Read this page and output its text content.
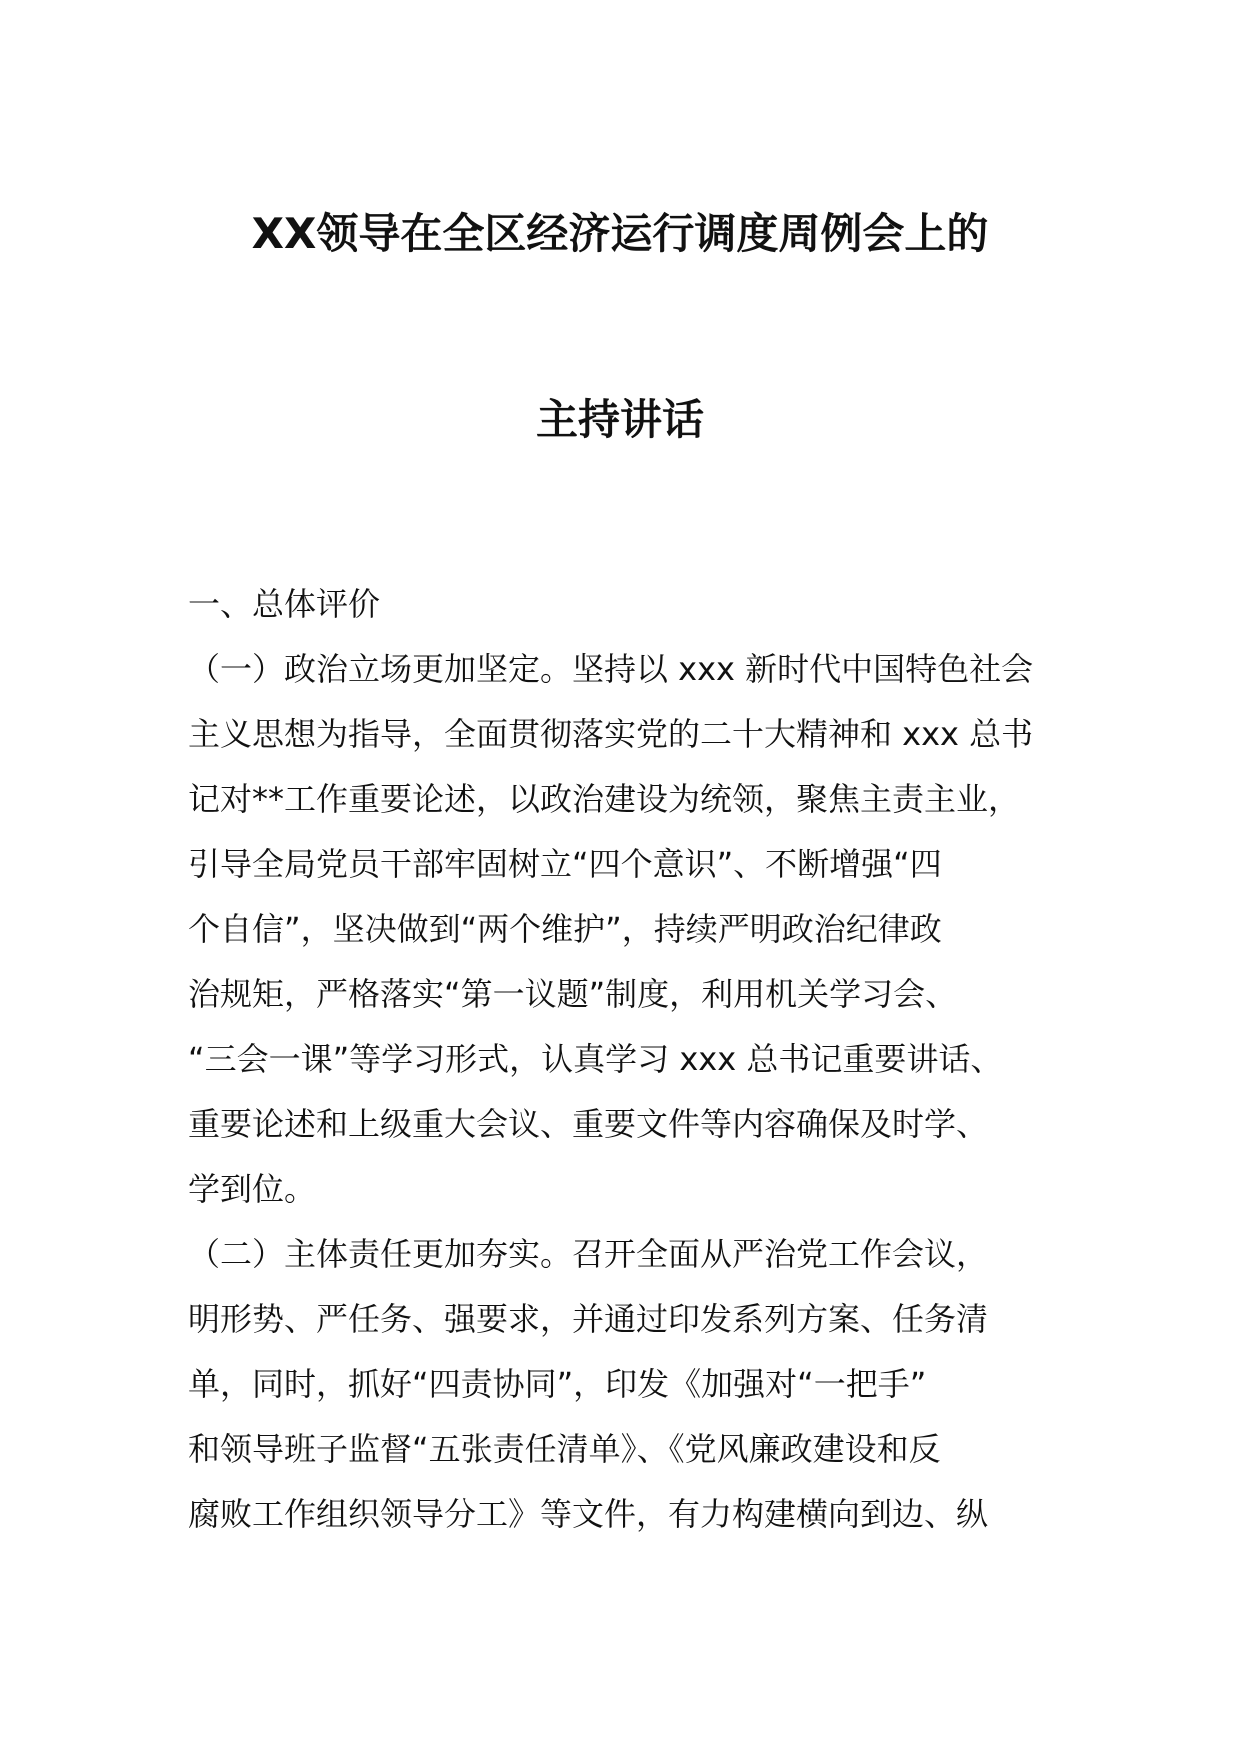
XX领导在全区经济运行调度周例会上的
主持讲话
一、总体评价
（一）政治立场更加坚定。坚持以 xxx 新时代中国特色社会
主义思想为指导，全面贯彻落实党的二十大精神和 xxx 总书
记对**工作重要论述，以政治建设为统领，聚焦主责主业，
引导全局党员干部牢固树立“四个意识”、不断增强“四
个自信”，坚决做到“两个维护”，持续严明政治纪律政
治规矩，严格落实“第一议题”制度，利用机关学习会、
“三会一课”等学习形式，认真学习 xxx 总书记重要讲话、
重要论述和上级重大会议、重要文件等内容确保及时学、
学到位。
（二）主体责任更加夯实。召开全面从严治党工作会议，
明形势、严任务、强要求，并通过印发系列方案、任务清
单，同时，抓好“四责协同”，印发《加强对“一把手”
和领导班子监督“五张责任清单》、《党风廉政建设和反
腐败工作组织领导分工》等文件，有力构建横向到边、纵
